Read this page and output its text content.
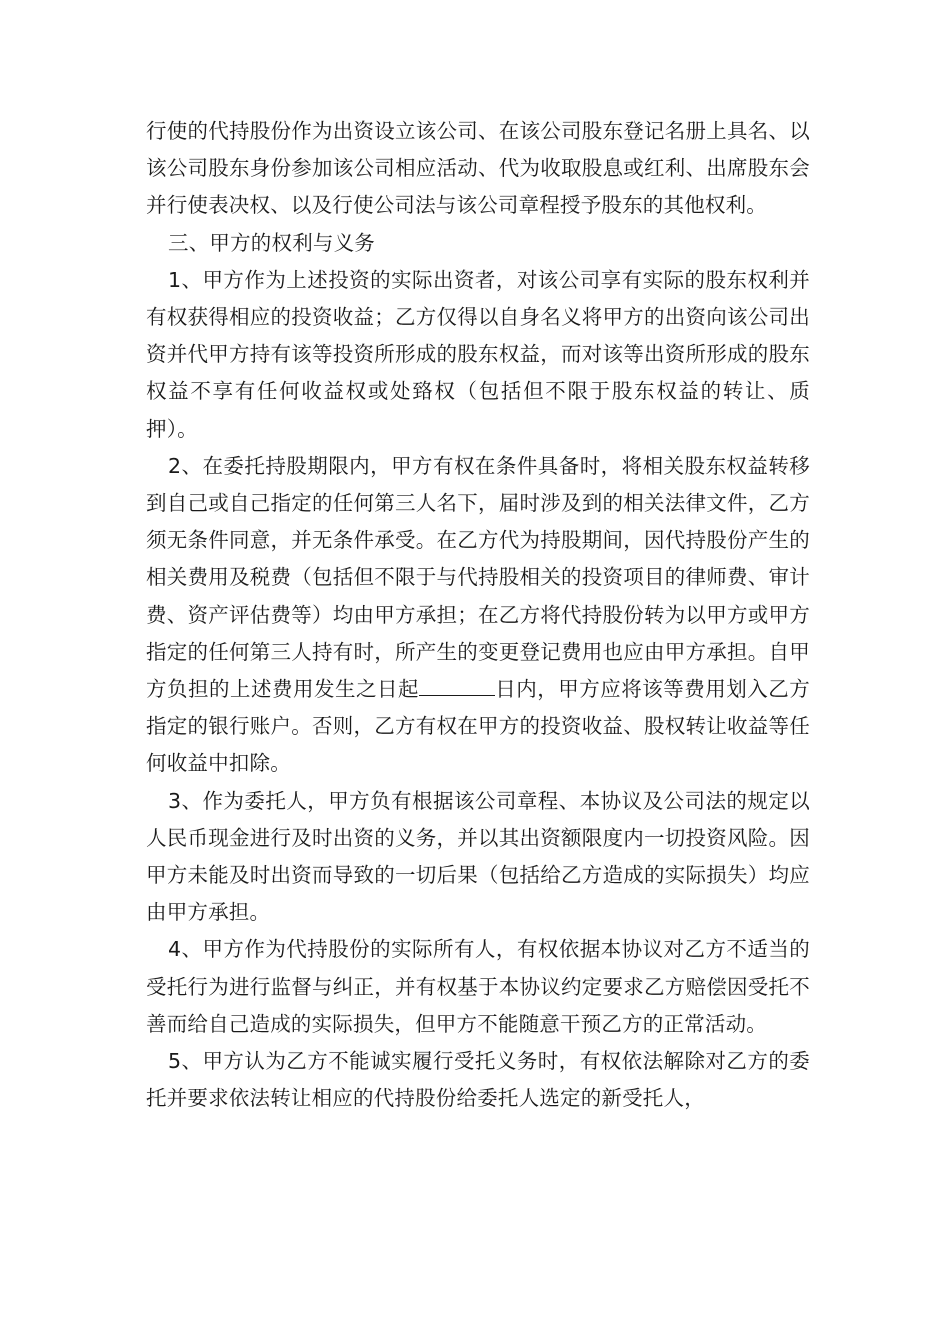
行使的代持股份作为出资设立该公司、在该公司股东登记名册上具名、以该公司股东身份参加该公司相应活动、代为收取股息或红利、出席股东会并行使表决权、以及行使公司法与该公司章程授予股东的其他权利。

三、甲方的权利与义务

1、甲方作为上述投资的实际出资者，对该公司享有实际的股东权利并有权获得相应的投资收益；乙方仅得以自身名义将甲方的出资向该公司出资并代甲方持有该等投资所形成的股东权益，而对该等出资所形成的股东权益不享有任何收益权或处臵权（包括但不限于股东权益的转让、质押）。

2、在委托持股期限内，甲方有权在条件具备时，将相关股东权益转移到自己或自己指定的任何第三人名下，届时涉及到的相关法律文件，乙方须无条件同意，并无条件承受。在乙方代为持股期间，因代持股份产生的相关费用及税费（包括但不限于与代持股相关的投资项目的律师费、审计费、资产评估费等）均由甲方承担；在乙方将代持股份转为以甲方或甲方指定的任何第三人持有时，所产生的变更登记费用也应由甲方承担。自甲方负担的上述费用发生之日起	日内，甲方应将该等费用划入乙方指定的银行账户。否则，乙方有权在甲方的投资收益、股权转让收益等任何收益中扣除。

3、作为委托人，甲方负有根据该公司章程、本协议及公司法的规定以人民币现金进行及时出资的义务，并以其出资额限度内一切投资风险。因甲方未能及时出资而导致的一切后果（包括给乙方造成的实际损失）均应由甲方承担。

4、甲方作为代持股份的实际所有人，有权依据本协议对乙方不适当的受托行为进行监督与纠正，并有权基于本协议约定要求乙方赔偿因受托不善而给自己造成的实际损失，但甲方不能随意干预乙方的正常活动。

5、甲方认为乙方不能诚实履行受托义务时，有权依法解除对乙方的委托并要求依法转让相应的代持股份给委托人选定的新受托人，
